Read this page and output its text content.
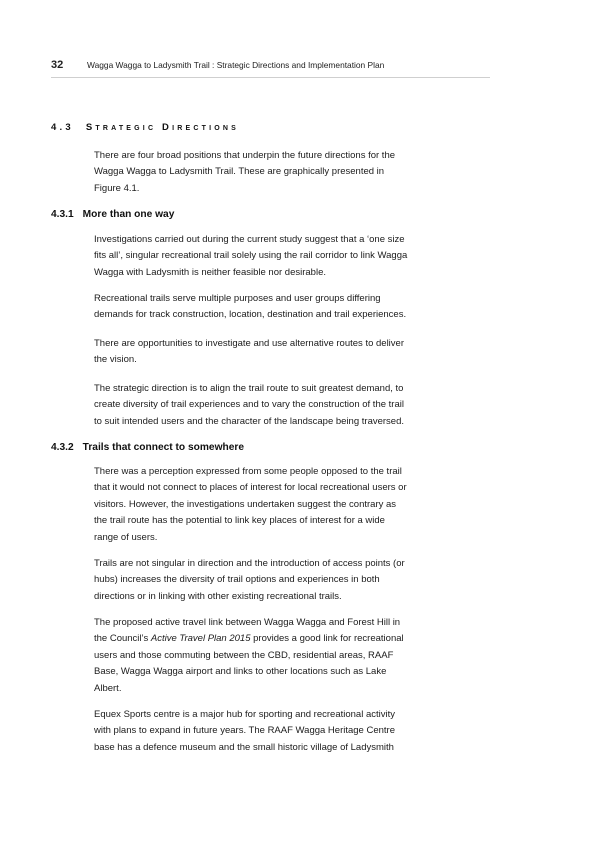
32	Wagga Wagga to Ladysmith Trail : Strategic Directions and Implementation Plan
4.3 Strategic Directions

There are four broad positions that underpin the future directions for the
Wagga Wagga to Ladysmith Trail. These are graphically presented in
Figure 4.1.

4.3.1 More than one way

Investigations carried out during the current study suggest that a ‘one size
fits all’, singular recreational trail solely using the rail corridor to link Wagga
Wagga with Ladysmith is neither feasible nor desirable.

Recreational trails serve multiple purposes and user groups differing
demands for track construction, location, destination and trail experiences.

There are opportunities to investigate and use alternative routes to deliver
the vision.

The strategic direction is to align the trail route to suit greatest demand, to
create diversity of trail experiences and to vary the construction of the trail
to suit intended users and the character of the landscape being traversed.

4.3.2 Trails that connect to somewhere

There was a perception expressed from some people opposed to the trail
that it would not connect to places of interest for local recreational users or
visitors. However, the investigations undertaken suggest the contrary as
the trail route has the potential to link key places of interest for a wide
range of users.

Trails are not singular in direction and the introduction of access points (or
hubs) increases the diversity of trail options and experiences in both
directions or in linking with other existing recreational trails.

The proposed active travel link between Wagga Wagga and Forest Hill in
the Council’s Active Travel Plan 2015 provides a good link for recreational
users and those commuting between the CBD, residential areas, RAAF
Base, Wagga Wagga airport and links to other locations such as Lake
Albert.

Equex Sports centre is a major hub for sporting and recreational activity
with plans to expand in future years. The RAAF Wagga Heritage Centre
base has a defence museum and the small historic village of Ladysmith
